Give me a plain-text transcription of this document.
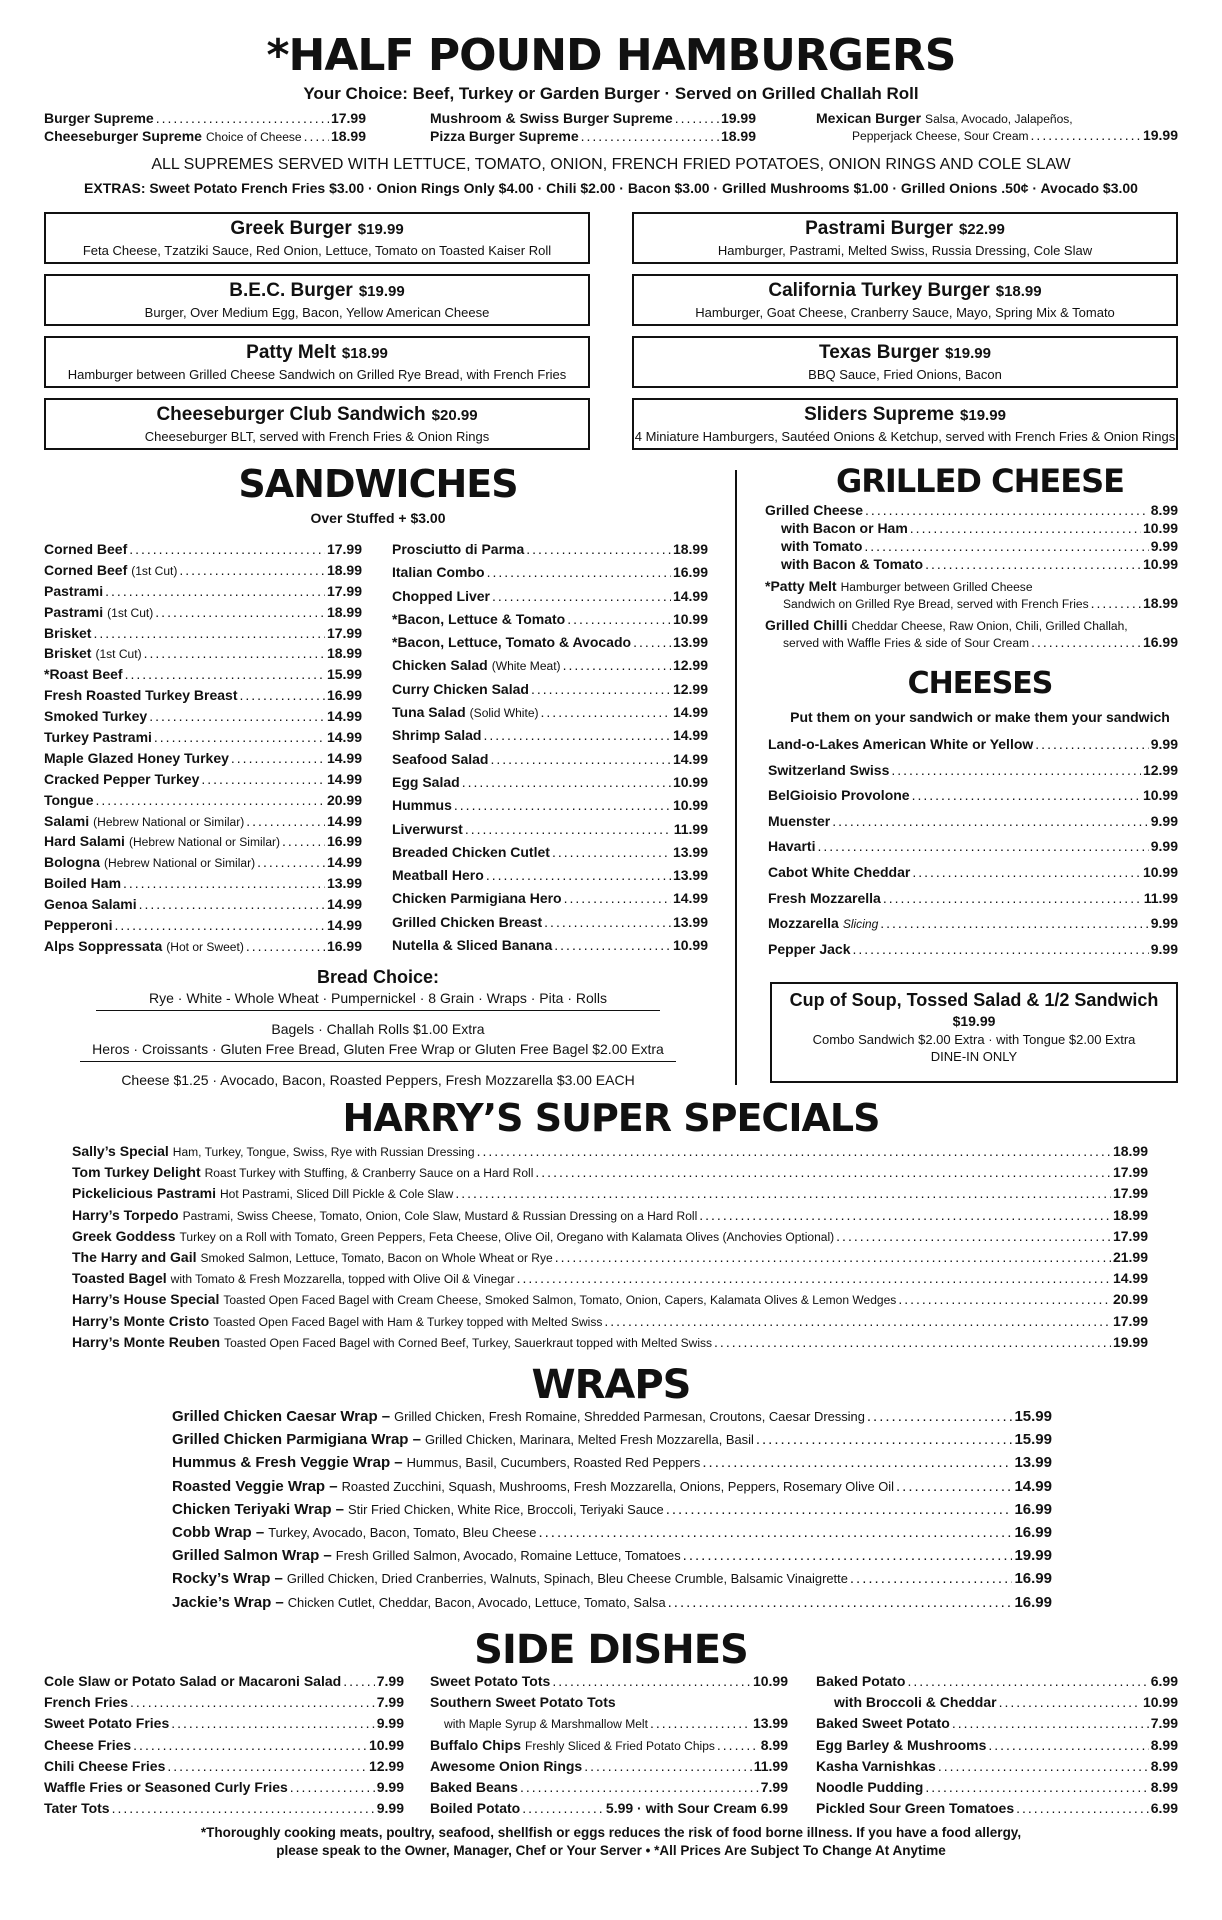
*HALF POUND HAMBURGERS
Your Choice: Beef, Turkey or Garden Burger · Served on Grilled Challah Roll
Burger Supreme .....	17.99
Cheeseburger Supreme Choice of Cheese ..... 18.99
Mushroom & Swiss Burger Supreme .....	19.99
Pizza Burger Supreme .....	18.99
Mexican Burger Salsa, Avocado, Jalapeños,
Pepperjack Cheese, Sour Cream .....	19.99
ALL SUPREMES SERVED WITH LETTUCE, TOMATO, ONION, FRENCH FRIED POTATOES, ONION RINGS AND COLE SLAW
EXTRAS: Sweet Potato French Fries $3.00 · Onion Rings Only $4.00 · Chili $2.00 · Bacon $3.00 · Grilled Mushrooms $1.00 · Grilled Onions .50¢ · Avocado $3.00
Greek Burger $19.99
Feta Cheese, Tzatziki Sauce, Red Onion, Lettuce, Tomato on Toasted Kaiser Roll
Pastrami Burger $22.99
Hamburger, Pastrami, Melted Swiss, Russia Dressing, Cole Slaw
B.E.C. Burger $19.99
Burger, Over Medium Egg, Bacon, Yellow American Cheese
California Turkey Burger $18.99
Hamburger, Goat Cheese, Cranberry Sauce, Mayo, Spring Mix & Tomato
Patty Melt $18.99
Hamburger between Grilled Cheese Sandwich on Grilled Rye Bread, with French Fries
Texas Burger $19.99
BBQ Sauce, Fried Onions, Bacon
Cheeseburger Club Sandwich $20.99
Cheeseburger BLT, served with French Fries & Onion Rings
Sliders Supreme $19.99
4 Miniature Hamburgers, Sautéed Onions & Ketchup, served with French Fries & Onion Rings
SANDWICHES
Over Stuffed + $3.00
Corned Beef .....	17.99
Corned Beef (1st Cut) .....	18.99
Pastrami .....	17.99
Pastrami (1st Cut) .....	18.99
Brisket .....	17.99
Brisket (1st Cut) .....	18.99
*Roast Beef .....	15.99
Fresh Roasted Turkey Breast .....	16.99
Smoked Turkey .....	14.99
Turkey Pastrami .....	14.99
Maple Glazed Honey Turkey .....	14.99
Cracked Pepper Turkey .....	14.99
Tongue .....	20.99
Salami (Hebrew National or Similar) .....	14.99
Hard Salami (Hebrew National or Similar) .....	16.99
Bologna (Hebrew National or Similar) .....	14.99
Boiled Ham .....	13.99
Genoa Salami .....	14.99
Pepperoni .....	14.99
Alps Soppressata (Hot or Sweet) .....	16.99
Prosciutto di Parma .....	18.99
Italian Combo .....	16.99
Chopped Liver .....	14.99
*Bacon, Lettuce & Tomato .....	10.99
*Bacon, Lettuce, Tomato & Avocado .....	13.99
Chicken Salad (White Meat) .....	12.99
Curry Chicken Salad .....	12.99
Tuna Salad (Solid White) .....	14.99
Shrimp Salad .....	14.99
Seafood Salad .....	14.99
Egg Salad .....	10.99
Hummus .....	10.99
Liverwurst .....	11.99
Breaded Chicken Cutlet .....	13.99
Meatball Hero .....	13.99
Chicken Parmigiana Hero .....	14.99
Grilled Chicken Breast .....	13.99
Nutella & Sliced Banana .....	10.99
Bread Choice:
Rye · White - Whole Wheat · Pumpernickel · 8 Grain · Wraps · Pita · Rolls
Bagels · Challah Rolls $1.00 Extra
Heros · Croissants · Gluten Free Bread, Gluten Free Wrap or Gluten Free Bagel $2.00 Extra
Cheese $1.25 · Avocado, Bacon, Roasted Peppers, Fresh Mozzarella $3.00 EACH
GRILLED CHEESE
Grilled Cheese .....	8.99
with Bacon or Ham .....	10.99
with Tomato .....	9.99
with Bacon & Tomato .....	10.99
*Patty Melt Hamburger between Grilled Cheese
Sandwich on Grilled Rye Bread, served with French Fries .....	18.99
Grilled Chilli Cheddar Cheese, Raw Onion, Chili, Grilled Challah,
served with Waffle Fries & side of Sour Cream .....	16.99
CHEESES
Put them on your sandwich or make them your sandwich
Land-o-Lakes American White or Yellow .....	9.99
Switzerland Swiss .....	12.99
BelGioisio Provolone .....	10.99
Muenster .....	9.99
Havarti .....	9.99
Cabot White Cheddar .....	10.99
Fresh Mozzarella .....	11.99
Mozzarella Slicing .....	9.99
Pepper Jack .....	9.99
Cup of Soup, Tossed Salad & 1/2 Sandwich
$19.99
Combo Sandwich $2.00 Extra · with Tongue $2.00 Extra
DINE-IN ONLY
HARRY’S SUPER SPECIALS
Sally’s Special Ham, Turkey, Tongue, Swiss, Rye with Russian Dressing .....	18.99
Tom Turkey Delight Roast Turkey with Stuffing, & Cranberry Sauce on a Hard Roll .....	17.99
Pickelicious Pastrami Hot Pastrami, Sliced Dill Pickle & Cole Slaw .....	17.99
Harry’s Torpedo Pastrami, Swiss Cheese, Tomato, Onion, Cole Slaw, Mustard & Russian Dressing on a Hard Roll .....	18.99
Greek Goddess Turkey on a Roll with Tomato, Green Peppers, Feta Cheese, Olive Oil, Oregano with Kalamata Olives (Anchovies Optional) .....	17.99
The Harry and Gail Smoked Salmon, Lettuce, Tomato, Bacon on Whole Wheat or Rye .....	21.99
Toasted Bagel with Tomato & Fresh Mozzarella, topped with Olive Oil & Vinegar .....	14.99
Harry’s House Special Toasted Open Faced Bagel with Cream Cheese, Smoked Salmon, Tomato, Onion, Capers, Kalamata Olives & Lemon Wedges .....	20.99
Harry’s Monte Cristo Toasted Open Faced Bagel with Ham & Turkey topped with Melted Swiss .....	17.99
Harry’s Monte Reuben Toasted Open Faced Bagel with Corned Beef, Turkey, Sauerkraut topped with Melted Swiss .....	19.99
WRAPS
Grilled Chicken Caesar Wrap – Grilled Chicken, Fresh Romaine, Shredded Parmesan, Croutons, Caesar Dressing .....	15.99
Grilled Chicken Parmigiana Wrap – Grilled Chicken, Marinara, Melted Fresh Mozzarella, Basil .....	15.99
Hummus & Fresh Veggie Wrap – Hummus, Basil, Cucumbers, Roasted Red Peppers .....	13.99
Roasted Veggie Wrap – Roasted Zucchini, Squash, Mushrooms, Fresh Mozzarella, Onions, Peppers, Rosemary Olive Oil .....	14.99
Chicken Teriyaki Wrap – Stir Fried Chicken, White Rice, Broccoli, Teriyaki Sauce .....	16.99
Cobb Wrap – Turkey, Avocado, Bacon, Tomato, Bleu Cheese .....	16.99
Grilled Salmon Wrap – Fresh Grilled Salmon, Avocado, Romaine Lettuce, Tomatoes .....	19.99
Rocky’s Wrap – Grilled Chicken, Dried Cranberries, Walnuts, Spinach, Bleu Cheese Crumble, Balsamic Vinaigrette .....	16.99
Jackie’s Wrap – Chicken Cutlet, Cheddar, Bacon, Avocado, Lettuce, Tomato, Salsa .....	16.99
SIDE DISHES
Cole Slaw or Potato Salad or Macaroni Salad .....	7.99
French Fries .....	7.99
Sweet Potato Fries .....	9.99
Cheese Fries .....	10.99
Chili Cheese Fries .....	12.99
Waffle Fries or Seasoned Curly Fries .....	9.99
Tater Tots .....	9.99
Sweet Potato Tots .....	10.99
Southern Sweet Potato Tots
with Maple Syrup & Marshmallow Melt .....	13.99
Buffalo Chips Freshly Sliced & Fried Potato Chips .....	8.99
Awesome Onion Rings .....	11.99
Baked Beans .....	7.99
Boiled Potato .....	5.99 · with Sour Cream 6.99
Baked Potato .....	6.99
with Broccoli & Cheddar .....	10.99
Baked Sweet Potato .....	7.99
Egg Barley & Mushrooms .....	8.99
Kasha Varnishkas .....	8.99
Noodle Pudding .....	8.99
Pickled Sour Green Tomatoes .....	6.99
*Thoroughly cooking meats, poultry, seafood, shellfish or eggs reduces the risk of food borne illness. If you have a food allergy,
please speak to the Owner, Manager, Chef or Your Server • *All Prices Are Subject To Change At Anytime
